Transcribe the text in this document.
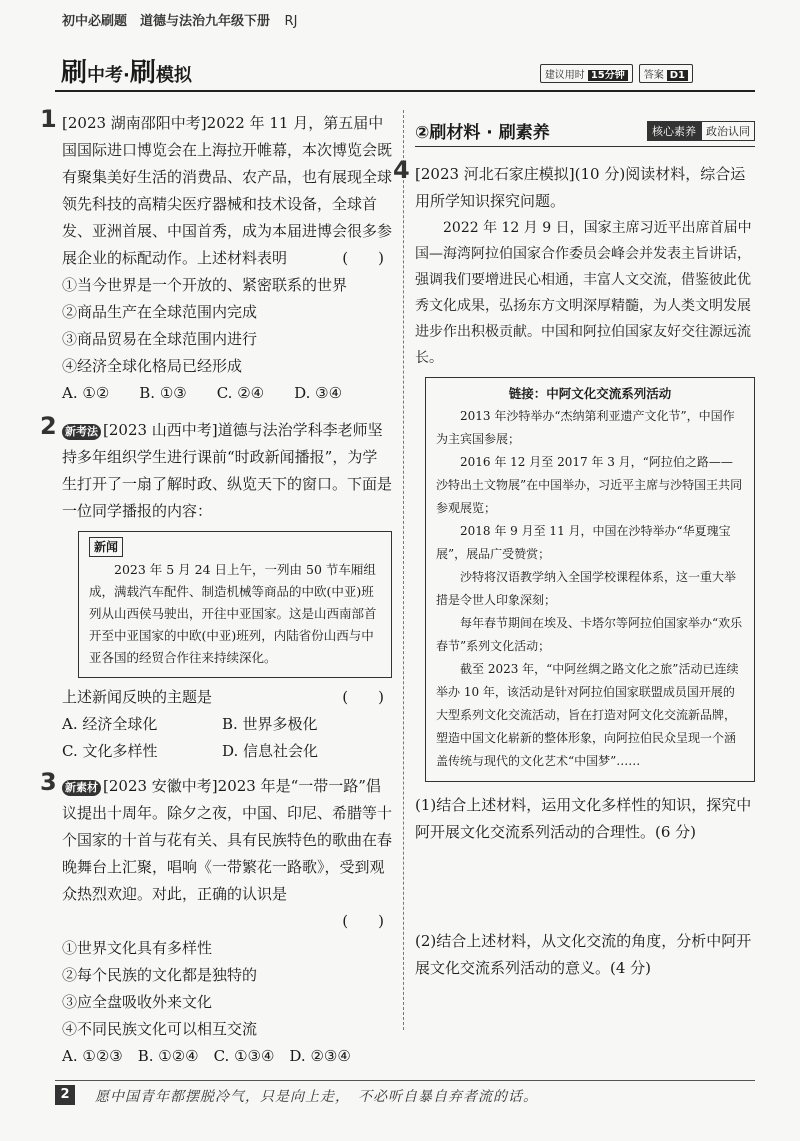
初中必刷题　道德与法治九年级下册 RJ
刷中考·刷模拟	建议用时 15分钟	答案 D1
1 [2023 湖南邵阳中考]2022 年 11 月，第五届中国国际进口博览会在上海拉开帷幕，本次博览会既有聚集美好生活的消费品、农产品，也有展现全球领先科技的高精尖医疗器械和技术设备，全球首发、亚洲首展、中国首秀，成为本届进博会很多参展企业的标配动作。上述材料表明	(　　)
①当今世界是一个开放的、紧密联系的世界
②商品生产在全球范围内完成
③商品贸易在全球范围内进行
④经济全球化格局已经形成
A. ①②　　B. ①③　　C. ②④　　D. ③④
2 新考法 [2023 山西中考]道德与法治学科李老师坚持多年组织学生进行课前“时政新闻播报”，为学生打开了一扇了解时政、纵览天下的窗口。下面是一位同学播报的内容：
新闻
2023 年 5 月 24 日上午，一列由 50 节车厢组成，满载汽车配件、制造机械等商品的中欧(中亚)班列从山西侯马驶出，开往中亚国家。这是山西南部首开至中亚国家的中欧(中亚)班列，内陆省份山西与中亚各国的经贸合作往来持续深化。
上述新闻反映的主题是	(　　)
A. 经济全球化	B. 世界多极化
C. 文化多样性	D. 信息社会化
3 新素材 [2023 安徽中考]2023 年是“一带一路”倡议提出十周年。除夕之夜，中国、印尼、希腊等十个国家的十首与花有关、具有民族特色的歌曲在春晚舞台上汇聚，唱响《一带繁花一路歌》，受到观众热烈欢迎。对此，正确的认识是
(　　)
①世界文化具有多样性
②每个民族的文化都是独特的
③应全盘吸收外来文化
④不同民族文化可以相互交流
A. ①②③　B. ①②④　C. ①③④　D. ②③④
②刷材料 · 刷素养	核心素养 政治认同
4 [2023 河北石家庄模拟](10 分)阅读材料，综合运用所学知识探究问题。
2022 年 12 月 9 日，国家主席习近平出席首届中国—海湾阿拉伯国家合作委员会峰会并发表主旨讲话，强调我们要增进民心相通，丰富人文交流，借鉴彼此优秀文化成果，弘扬东方文明深厚精髓，为人类文明发展进步作出积极贡献。中国和阿拉伯国家友好交往源远流长。
链接：中阿文化交流系列活动

2013 年沙特举办“杰纳第利亚遗产文化节”，中国作为主宾国参展；

2016 年 12 月至 2017 年 3 月，“阿拉伯之路——沙特出土文物展”在中国举办，习近平主席与沙特国王共同参观展览；

2018 年 9 月至 11 月，中国在沙特举办“华夏瑰宝展”，展品广受赞赏；

沙特将汉语教学纳入全国学校课程体系，这一重大举措是令世人印象深刻；

每年春节期间在埃及、卡塔尔等阿拉伯国家举办“欢乐春节”系列文化活动；

截至 2023 年，“中阿丝绸之路文化之旅”活动已连续举办 10 年，该活动是针对阿拉伯国家联盟成员国开展的大型系列文化交流活动，旨在打造对阿文化交流新品牌，塑造中国文化崭新的整体形象，向阿拉伯民众呈现一个涵盖传统与现代的文化艺术“中国梦”……

(1)结合上述材料，运用文化多样性的知识，探究中阿开展文化交流系列活动的合理性。(6 分)
(2)结合上述材料，从文化交流的角度，分析中阿开展文化交流系列活动的意义。(4 分)
2	愿中国青年都摆脱冷气，只是向上走，　不必听自暴自弃者流的话。
